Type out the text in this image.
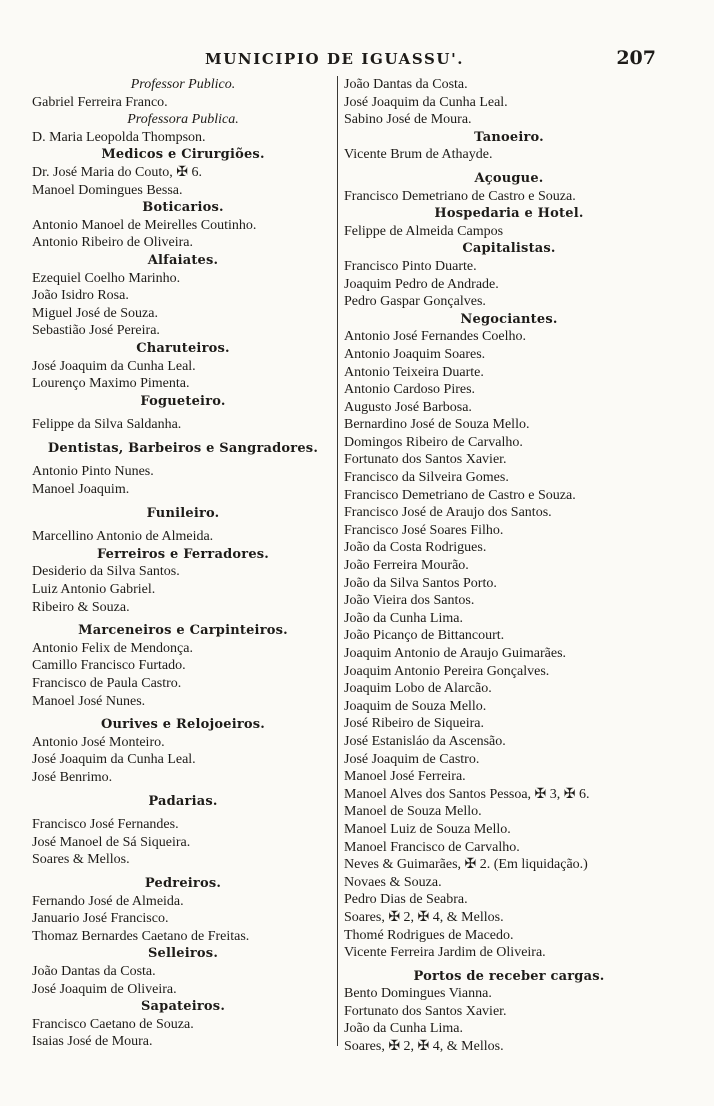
MUNICIPIO DE IGUASSU'.	207
Professor Publico.
Gabriel Ferreira Franco.
Professora Publica.
D. Maria Leopolda Thompson.
Medicos e Cirurgiões.
Dr. José Maria do Couto, ✠ 6.
Manoel Domingues Bessa.
Boticarios.
Antonio Manoel de Meirelles Coutinho.
Antonio Ribeiro de Oliveira.
Alfaiates.
Ezequiel Coelho Marinho.
João Isidro Rosa.
Miguel José de Souza.
Sebastião José Pereira.
Charuteiros.
José Joaquim da Cunha Leal.
Lourenço Maximo Pimenta.
Fogueteiro.
Felippe da Silva Saldanha.
Dentistas, Barbeiros e Sangradores.
Antonio Pinto Nunes.
Manoel Joaquim.
Funileiro.
Marcellino Antonio de Almeida.
Ferreiros e Ferradores.
Desiderio da Silva Santos.
Luiz Antonio Gabriel.
Ribeiro & Souza.
Marceneiros e Carpinteiros.
Antonio Felix de Mendonça.
Camillo Francisco Furtado.
Francisco de Paula Castro.
Manoel José Nunes.
Ourives e Relojoeiros.
Antonio José Monteiro.
José Joaquim da Cunha Leal.
José Benrimo.
Padarias.
Francisco José Fernandes.
José Manoel de Sá Siqueira.
Soares & Mellos.
Pedreiros.
Fernando José de Almeida.
Januario José Francisco.
Thomaz Bernardes Caetano de Freitas.
Selleiros.
João Dantas da Costa.
José Joaquim de Oliveira.
Sapateiros.
Francisco Caetano de Souza.
Isaias José de Moura.
João Dantas da Costa.
José Joaquim da Cunha Leal.
Sabino José de Moura.
Tanoeiro.
Vicente Brum de Athayde.
Açougue.
Francisco Demetriano de Castro e Souza.
Hospedaria e Hotel.
Felippe de Almeida Campos
Capitalistas.
Francisco Pinto Duarte.
Joaquim Pedro de Andrade.
Pedro Gaspar Gonçalves.
Negociantes.
Antonio José Fernandes Coelho.
Antonio Joaquim Soares.
Antonio Teixeira Duarte.
Antonio Cardoso Pires.
Augusto José Barbosa.
Bernardino José de Souza Mello.
Domingos Ribeiro de Carvalho.
Fortunato dos Santos Xavier.
Francisco da Silveira Gomes.
Francisco Demetriano de Castro e Souza.
Francisco José de Araujo dos Santos.
Francisco José Soares Filho.
João da Costa Rodrigues.
João Ferreira Mourão.
João da Silva Santos Porto.
João Vieira dos Santos.
João da Cunha Lima.
João Picanço de Bittancourt.
Joaquim Antonio de Araujo Guimarães.
Joaquim Antonio Pereira Gonçalves.
Joaquim Lobo de Alarcão.
Joaquim de Souza Mello.
José Ribeiro de Siqueira.
José Estanisláo da Ascensão.
José Joaquim de Castro.
Manoel José Ferreira.
Manoel Alves dos Santos Pessoa, ✠ 3, ✠ 6.
Manoel de Souza Mello.
Manoel Luiz de Souza Mello.
Manoel Francisco de Carvalho.
Neves & Guimarães, ✠ 2. (Em liquidação.)
Novaes & Souza.
Pedro Dias de Seabra.
Soares, ✠ 2, ✠ 4, & Mellos.
Thomé Rodrigues de Macedo.
Vicente Ferreira Jardim de Oliveira.
Portos de receber cargas.
Bento Domingues Vianna.
Fortunato dos Santos Xavier.
João da Cunha Lima.
Soares, ✠ 2, ✠ 4, & Mellos.
